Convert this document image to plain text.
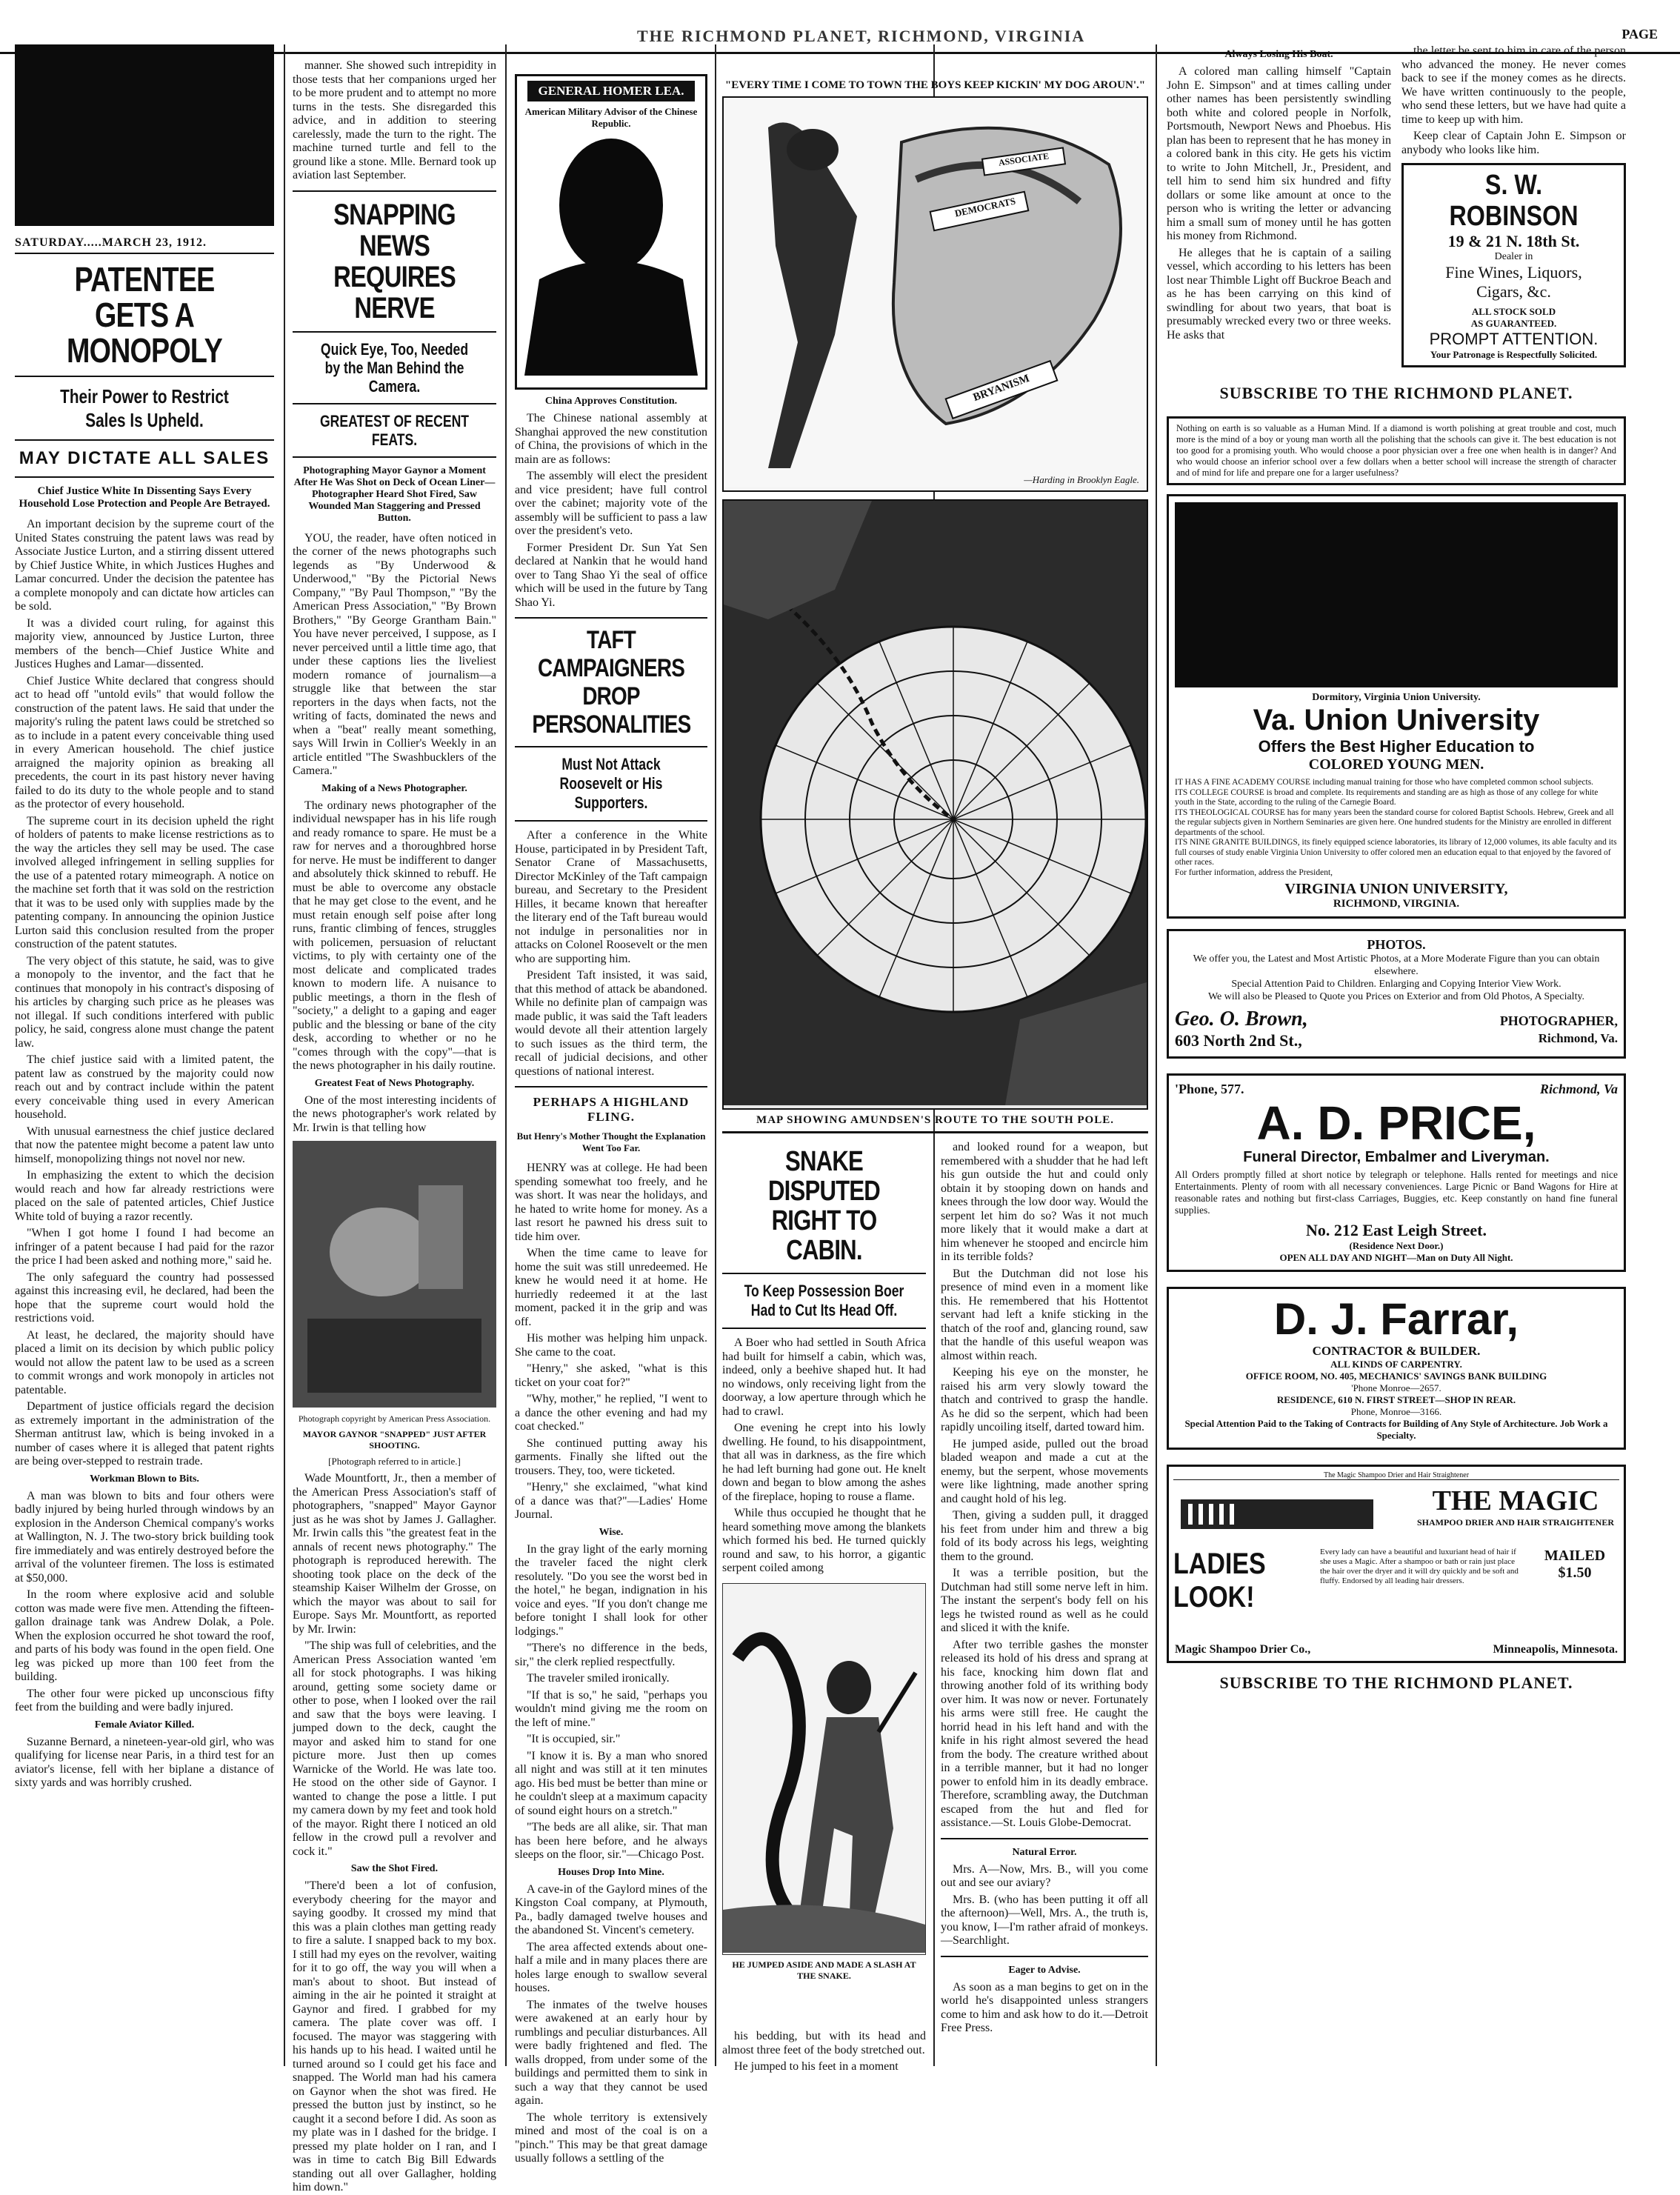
THE RICHMOND PLANET, RICHMOND, VIRGINIA	PAGE
SATURDAY.....MARCH 23, 1912.
PATENTEE GETS A MONOPOLY
Their Power to Restrict Sales Is Upheld.
MAY DICTATE ALL SALES
Chief Justice White In Dissenting Says Every Household Lose Protection and People Are Betrayed.

An important decision by the supreme court of the United States construing the patent laws was read by Associate Justice Lurton, and a stirring dissent uttered by Chief Justice White, in which Justices Hughes and Lamar concurred. Under the decision the patentee has a complete monopoly and can dictate how articles can be sold.

It was a divided court ruling, for against this majority view, announced by Justice Lurton, three members of the bench—Chief Justice White and Justices Hughes and Lamar—dissented.

Chief Justice White declared that congress should act to head off "untold evils" that would follow the construction of the patent laws. He said that under the majority's ruling the patent laws could be stretched so as to include in a patent every conceivable thing used in every American household. The chief justice arraigned the majority opinion as breaking all precedents, the court in its past history never having failed to do its duty to the whole people and to stand as the protector of every household.

The supreme court in its decision upheld the right of holders of patents to make license restrictions as to the way the articles they sell may be used. The case involved alleged infringement in selling supplies for the use of a patented rotary mimeograph. A notice on the machine set forth that it was sold on the restriction that it was to be used only with supplies made by the patenting company. In announcing the opinion Justice Lurton said this conclusion resulted from the proper construction of the patent statutes.

The very object of this statute, he said, was to give a monopoly to the inventor, and the fact that he continues that monopoly in his contract's disposing of his articles by charging such price as he pleases was not illegal. If such conditions interfered with public policy, he said, congress alone must change the patent law.

The chief justice said with a limited patent, the patent law as construed by the majority could now reach out and by contract include within the patent every conceivable thing used in every American household.

With unusual earnestness the chief justice declared that now the patentee might become a patent law unto himself, monopolizing things not novel nor new.

In emphasizing the extent to which the decision would reach and how far already restrictions were placed on the sale of patented articles, Chief Justice White told of buying a razor recently.

"When I got home I found I had become an infringer of a patent because I had paid for the razor the price I had been asked and nothing more," said he.

The only safeguard the country had possessed against this increasing evil, he declared, had been the hope that the supreme court would hold the restrictions void.

At least, he declared, the majority should have placed a limit on its decision by which public policy would not allow the patent law to be used as a screen to commit wrongs and work monopoly in articles not patentable.

Department of justice officials regard the decision as extremely important in the administration of the Sherman antitrust law, which is being invoked in a number of cases where it is alleged that patent rights are being over-stepped to restrain trade.

Workman Blown to Bits.

A man was blown to bits and four others were badly injured by being hurled through windows by an explosion in the Anderson Chemical company's works at Wallington, N. J. The two-story brick building took fire immediately and was entirely destroyed before the arrival of the volunteer firemen. The loss is estimated at $50,000.

In the room where explosive acid and soluble cotton was made were five men. Attending the fifteen-gallon drainage tank was Andrew Dolak, a Pole. When the explosion occurred he shot toward the roof, and parts of his body was found in the open field. One leg was picked up more than 100 feet from the building.

The other four were picked up unconscious fifty feet from the building and were badly injured.

Female Aviator Killed.

Suzanne Bernard, a nineteen-year-old girl, who was qualifying for license near Paris, in a third test for an aviator's license, fell with her biplane a distance of sixty yards and was horribly crushed.

manner. She showed such intrepidity in those tests that her companions urged her to be more prudent and to attempt no more turns in the tests. She disregarded this advice, and in addition to steering carelessly, made the turn to the right. The machine turned turtle and fell to the ground like a stone. Mlle. Bernard took up aviation last September.

SNAPPING NEWS REQUIRES NERVE
Quick Eye, Too, Needed by the Man Behind the Camera.
GREATEST OF RECENT FEATS.
Photographing Mayor Gaynor a Moment After He Was Shot on Deck of Ocean Liner—Photographer Heard Shot Fired, Saw Wounded Man Staggering and Pressed Button.

YOU, the reader, have often noticed in the corner of the news photographs such legends as "By Underwood & Underwood," "By the Pictorial News Company," "By Paul Thompson," "By the American Press Association," "By Brown Brothers," "By George Grantham Bain." You have never perceived, I suppose, as I never perceived until a little time ago, that under these captions lies the liveliest modern romance of journalism—a struggle like that between the star reporters in the days when facts, not the writing of facts, dominated the news and when a "beat" really meant something, says Will Irwin in Collier's Weekly in an article entitled "The Swashbucklers of the Camera."

Making of a News Photographer.

The ordinary news photographer of the individual newspaper has in his life rough and ready romance to spare. He must be a raw for nerves and a thoroughbred horse for nerve. He must be indifferent to danger and absolutely thick skinned to rebuff. He must be able to overcome any obstacle that he may get close to the event, and he must retain enough self poise after long runs, frantic climbing of fences, struggles with policemen, persuasion of reluctant victims, to ply with certainty one of the most delicate and complicated trades known to modern life. A nuisance to public meetings, a thorn in the flesh of "society," a delight to a gaping and eager public and the blessing or bane of the city desk, according to whether or no he "comes through with the copy"—that is the news photographer in his daily routine.

Greatest Feat of News Photography.

One of the most interesting incidents of the news photographer's work related by Mr. Irwin is that telling how

Photograph copyright by American Press Association.
MAYOR GAYNOR "SNAPPED" JUST AFTER SHOOTING.
[Photograph referred to in article.]

Wade Mountfortt, Jr., then a member of the American Press Association's staff of photographers, "snapped" Mayor Gaynor just as he was shot by James J. Gallagher. Mr. Irwin calls this "the greatest feat in the annals of recent news photography." The photograph is reproduced herewith. The shooting took place on the deck of the steamship Kaiser Wilhelm der Grosse, on which the mayor was about to sail for Europe. Says Mr. Mountfortt, as reported by Mr. Irwin:

"The ship was full of celebrities, and the American Press Association wanted 'em all for stock photographs. I was hiking around, getting some society dame or other to pose, when I looked over the rail and saw that the boys were leaving. I jumped down to the deck, caught the mayor and asked him to stand for one picture more. Just then up comes Warnicke of the World. He was late too. He stood on the other side of Gaynor. I wanted to change the pose a little. I put my camera down by my feet and took hold of the mayor. Right there I noticed an old fellow in the crowd pull a revolver and cock it."

Saw the Shot Fired.

"There'd been a lot of confusion, everybody cheering for the mayor and saying goodby. It crossed my mind that this was a plain clothes man getting ready to fire a salute. I snapped back to my box. I still had my eyes on the revolver, waiting for it to go off, the way you will when a man's about to shoot. But instead of aiming in the air he pointed it straight at Gaynor and fired. I grabbed for my camera. The plate cover was off. I focused. The mayor was staggering with his hands up to his head. I waited until he turned around so I could get his face and snapped. The World man had his camera on Gaynor when the shot was fired. He pressed the button just by instinct, so he caught it a second before I did. As soon as my plate was in I dashed for the bridge. I pressed my plate holder on I ran, and I was in time to catch Big Bill Edwards standing out all over Gallagher, holding him down."

GENERAL HOMER LEA.
American Military Advisor of the Chinese Republic.
China Approves Constitution.

The Chinese national assembly at Shanghai approved the new constitution of China, the provisions of which in the main are as follows:

The assembly will elect the president and vice president; have full control over the cabinet; majority vote of the assembly will be sufficient to pass a law over the president's veto.

Former President Dr. Sun Yat Sen declared at Nankin that he would hand over to Tang Shao Yi the seal of office which will be used in the future by Tang Shao Yi.

TAFT CAMPAIGNERS DROP PERSONALITIES
Must Not Attack Roosevelt or His Supporters.

After a conference in the White House, participated in by President Taft, Senator Crane of Massachusetts, Director McKinley of the Taft campaign bureau, and Secretary to the President Hilles, it became known that hereafter the literary end of the Taft bureau would not indulge in personalities nor in attacks on Colonel Roosevelt or the men who are supporting him.

President Taft insisted, it was said, that this method of attack be abandoned. While no definite plan of campaign was made public, it was said the Taft leaders would devote all their attention largely to such issues as the third term, the recall of judicial decisions, and other questions of national interest.

PERHAPS A HIGHLAND FLING.
But Henry's Mother Thought the Explanation Went Too Far.

HENRY was at college. He had been spending somewhat too freely, and he was short. It was near the holidays, and he hated to write home for money. As a last resort he pawned his dress suit to tide him over.

When the time came to leave for home the suit was still unredeemed. He knew he would need it at home. He hurriedly redeemed it at the last moment, packed it in the grip and was off.

His mother was helping him unpack. She came to the coat.

"Henry," she asked, "what is this ticket on your coat for?"

"Why, mother," he replied, "I went to a dance the other evening and had my coat checked."

She continued putting away his garments. Finally she lifted out the trousers. They, too, were ticketed.

"Henry," she exclaimed, "what kind of a dance was that?"—Ladies' Home Journal.

Wise.

In the gray light of the early morning the traveler faced the night clerk resolutely. "Do you see the worst bed in the hotel," he began, indignation in his voice and eyes. "If you don't change me before tonight I shall look for other lodgings."

"There's no difference in the beds, sir," the clerk replied respectfully.

The traveler smiled ironically.

"If that is so," he said, "perhaps you wouldn't mind giving me the room on the left of mine."

"It is occupied, sir."

"I know it is. By a man who snored all night and was still at it ten minutes ago. His bed must be better than mine or he couldn't sleep at a maximum capacity of sound eight hours on a stretch."

"The beds are all alike, sir. That man has been here before, and he always sleeps on the floor, sir."—Chicago Post.

Houses Drop Into Mine.

A cave-in of the Gaylord mines of the Kingston Coal company, at Plymouth, Pa., badly damaged twelve houses and the abandoned St. Vincent's cemetery.

The area affected extends about one-half a mile and in many places there are holes large enough to swallow several houses.

The inmates of the twelve houses were awakened at an early hour by rumblings and peculiar disturbances. All were badly frightened and fled. The walls dropped, from under some of the buildings and permitted them to sink in such a way that they cannot be used again.

The whole territory is extensively mined and most of the coal is on a "pinch." This may be that great damage usually follows a settling of the

"EVERY TIME I COME TO TOWN THE BOYS KEEP KICKIN' MY DOG AROUN'."
DEMOCRATS
ASSOCIATE
BRYANISM
—Harding in Brooklyn Eagle.
MAP SHOWING AMUNDSEN'S ROUTE TO THE SOUTH POLE.
SNAKE DISPUTED RIGHT TO CABIN.
To Keep Possession Boer Had to Cut Its Head Off.

A Boer who had settled in South Africa had built for himself a cabin, which was, indeed, only a beehive shaped hut. It had no windows, only receiving light from the doorway, a low aperture through which he had to crawl.

One evening he crept into his lowly dwelling. He found, to his disappointment, that all was in darkness, as the fire which he had left burning had gone out. He knelt down and began to blow among the ashes of the fireplace, hoping to rouse a flame.

While thus occupied he thought that he heard something move among the blankets which formed his bed. He turned quickly round and saw, to his horror, a gigantic serpent coiled among

HE JUMPED ASIDE AND MADE A SLASH AT THE SNAKE.

and looked round for a weapon, but remembered with a shudder that he had left his gun outside the hut and could only obtain it by stooping down on hands and knees through the low door way. Would the serpent let him do so? Was it not much more likely that it would make a dart at him whenever he stooped and encircle him in its terrible folds?

But the Dutchman did not lose his presence of mind even in a moment like this. He remembered that his Hottentot servant had left a knife sticking in the thatch of the roof and, glancing round, saw that the handle of this useful weapon was almost within reach.

Keeping his eye on the monster, he raised his arm very slowly toward the thatch and contrived to grasp the handle. As he did so the serpent, which had been rapidly uncoiling itself, darted toward him.

He jumped aside, pulled out the broad bladed weapon and made a cut at the enemy, but the serpent, whose movements were like lightning, made another spring and caught hold of his leg.

Then, giving a sudden pull, it dragged his feet from under him and threw a big fold of its body across his legs, weighting them to the ground.

It was a terrible position, but the Dutchman had still some nerve left in him. The instant the serpent's body fell on his legs he twisted round as well as he could and sliced it with the knife.

After two terrible gashes the monster released its hold of his dress and sprang at his face, knocking him down flat and throwing another fold of its writhing body over him. It was now or never. Fortunately his arms were still free. He caught the horrid head in his left hand and with the knife in his right almost severed the head from the body. The creature writhed about in a terrible manner, but it had no longer power to enfold him in its deadly embrace. Therefore, scrambling away, the Dutchman escaped from the hut and fled for assistance.—St. Louis Globe-Democrat.

Natural Error.

Mrs. A—Now, Mrs. B., will you come out and see our aviary?

Mrs. B. (who has been putting it off all the afternoon)—Well, Mrs. A., the truth is, you know, I—I'm rather afraid of monkeys.—Searchlight.

Eager to Advise.

As soon as a man begins to get on in the world he's disappointed unless strangers come to him and ask how to do it.—Detroit Free Press.

his bedding, but with its head and almost three feet of the body stretched out.

He jumped to his feet in a moment

Always Losing His Boat.

A colored man calling himself "Captain John E. Simpson" and at times calling under other names has been persistently swindling both white and colored people in Norfolk, Portsmouth, Newport News and Phoebus. His plan has been to represent that he has money in a colored bank in this city. He gets his victim to write to John Mitchell, Jr., President, and tell him to send him six hundred and fifty dollars or some like amount at once to the person who is writing the letter or advancing him a small sum of money until he has gotten his money from Richmond.

He alleges that he is captain of a sailing vessel, which according to his letters has been lost near Thimble Light off Buckroe Beach and as he has been carrying on this kind of swindling for about two years, that boat is presumably wrecked every two or three weeks. He asks that

the letter be sent to him in care of the person who advanced the money. He never comes back to see if the money comes as he directs. We have written continuously to the people, who send these letters, but we have had quite a time to keep up with him.

Keep clear of Captain John E. Simpson or anybody who looks like him.

S. W. ROBINSON
19 & 21 N. 18th St.
Dealer in
Fine Wines, Liquors,
Cigars, &c.
ALL STOCK SOLD
AS GUARANTEED.
PROMPT ATTENTION.
Your Patronage is Respectfully Solicited.
SUBSCRIBE TO THE RICHMOND PLANET.
Nothing on earth is so valuable as a Human Mind. If a diamond is worth polishing at great trouble and cost, much more is the mind of a boy or young man worth all the polishing that the schools can give it. The best education is not too good for a promising youth. Who would choose a poor physician over a free one when health is in danger? And who would choose an inferior school over a few dollars when a better school will increase the strength of character and of mind for life and prepare one for a larger usefulness?
Dormitory, Virginia Union University.
Va. Union University
Offers the Best Higher Education to
COLORED YOUNG MEN.
IT HAS A FINE ACADEMY COURSE including manual training for those who have completed common school subjects.
ITS COLLEGE COURSE is broad and complete. Its requirements and standing are as high as those of any college for white youth in the State, according to the ruling of the Carnegie Board.
ITS THEOLOGICAL COURSE has for many years been the standard course for colored Baptist Schools. Hebrew, Greek and all the regular subjects given in Northern Seminaries are given here. One hundred students for the Ministry are enrolled in different departments of the school.
ITS NINE GRANITE BUILDINGS, its finely equipped science laboratories, its library of 12,000 volumes, its able faculty and its full courses of study enable Virginia Union University to offer colored men an education equal to that enjoyed by the favored of other races.
For further information, address the President,
VIRGINIA UNION UNIVERSITY,
RICHMOND, VIRGINIA.
PHOTOS.
We offer you, the Latest and Most Artistic Photos, at a More Moderate Figure than you can obtain elsewhere.
Special Attention Paid to Children. Enlarging and Copying Interior View Work.
We will also be Pleased to Quote you Prices on Exterior and from Old Photos, A Specialty.
Geo. O. Brown,	PHOTOGRAPHER,
603 North 2nd St.,	Richmond, Va.
'Phone, 577.	Richmond, Va
A. D. PRICE,
Funeral Director, Embalmer and Liveryman.
All Orders promptly filled at short notice by telegraph or telephone. Halls rented for meetings and nice Entertainments. Plenty of room with all necessary conveniences. Large Picnic or Band Wagons for Hire at reasonable rates and nothing but first-class Carriages, Buggies, etc. Keep constantly on hand fine funeral supplies.
No. 212 East Leigh Street.
(Residence Next Door.)
OPEN ALL DAY AND NIGHT—Man on Duty All Night.
D. J. Farrar,
CONTRACTOR & BUILDER.
ALL KINDS OF CARPENTRY.
OFFICE ROOM, NO. 405, MECHANICS' SAVINGS BANK BUILDING
'Phone Monroe—2657.
RESIDENCE, 610 N. FIRST STREET—SHOP IN REAR.
Phone, Monroe—3166.
Special Attention Paid to the Taking of Contracts for Building of Any Style of Architecture. Job Work a Specialty.
The Magic Shampoo Drier and Hair Straightener
THE MAGIC
SHAMPOO DRIER AND HAIR STRAIGHTENER
LADIES LOOK!
Every lady can have a beautiful and luxuriant head of hair if she uses a Magic. After a shampoo or bath or rain just place the hair over the dryer and it will dry quickly and be soft and fluffy. Endorsed by all leading hair dressers.
MAILED
$1.50
Magic Shampoo Drier Co.,	Minneapolis, Minnesota.
SUBSCRIBE TO THE RICHMOND PLANET.
